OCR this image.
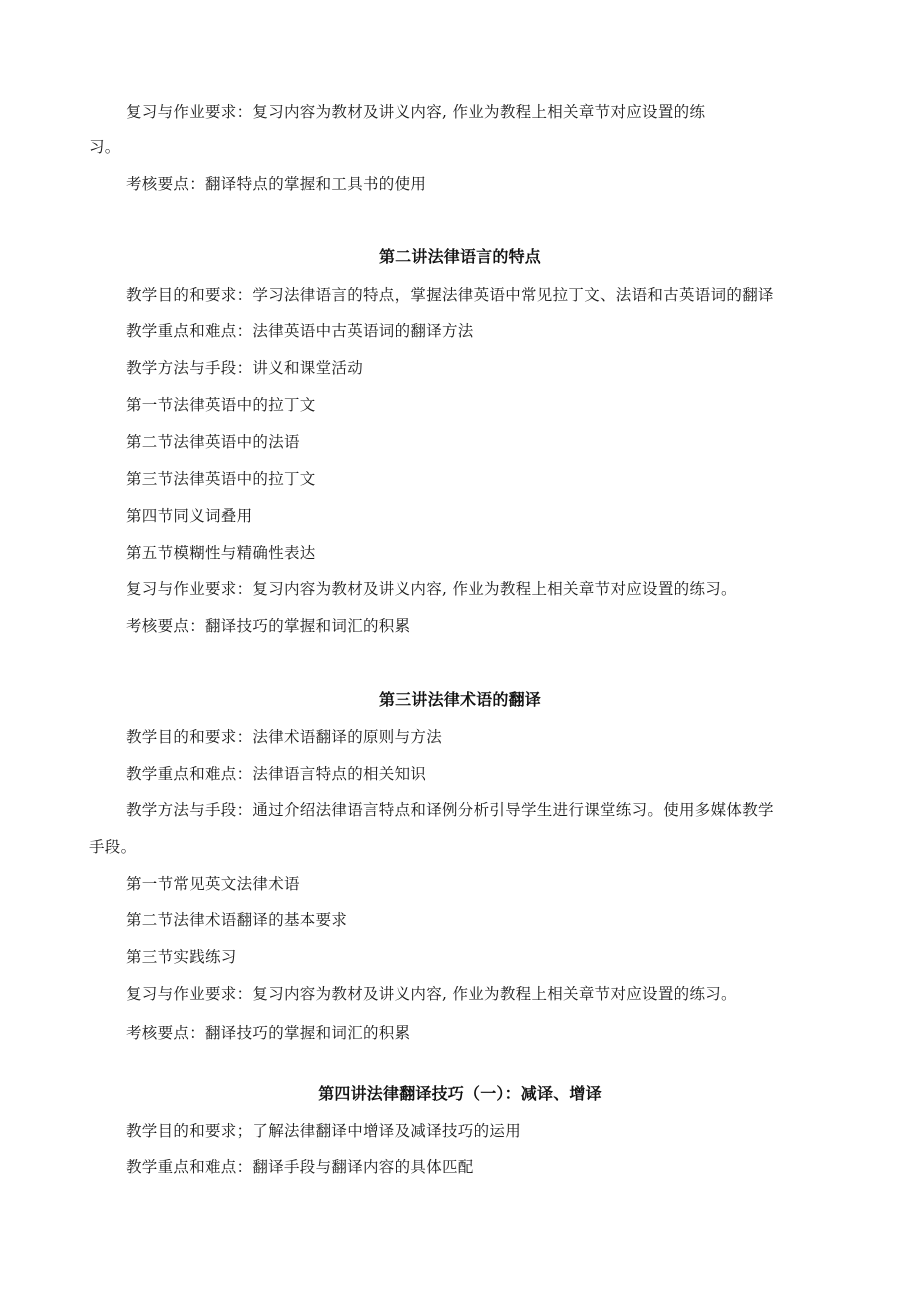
复习与作业要求：复习内容为教材及讲义内容, 作业为教程上相关章节对应设置的练
习。
考核要点：翻译特点的掌握和工具书的使用
第二讲法律语言的特点
教学目的和要求：学习法律语言的特点，掌握法律英语中常见拉丁文、法语和古英语词的翻译
教学重点和难点：法律英语中古英语词的翻译方法
教学方法与手段：讲义和课堂活动
第一节法律英语中的拉丁文
第二节法律英语中的法语
第三节法律英语中的拉丁文
第四节同义词叠用
第五节模糊性与精确性表达
复习与作业要求：复习内容为教材及讲义内容, 作业为教程上相关章节对应设置的练习。
考核要点：翻译技巧的掌握和词汇的积累
第三讲法律术语的翻译
教学目的和要求：法律术语翻译的原则与方法
教学重点和难点：法律语言特点的相关知识
教学方法与手段：通过介绍法律语言特点和译例分析引导学生进行课堂练习。使用多媒体教学
手段。
第一节常见英文法律术语
第二节法律术语翻译的基本要求
第三节实践练习
复习与作业要求：复习内容为教材及讲义内容, 作业为教程上相关章节对应设置的练习。
考核要点：翻译技巧的掌握和词汇的积累
第四讲法律翻译技巧（一）：减译、增译
教学目的和要求；了解法律翻译中增译及减译技巧的运用
教学重点和难点：翻译手段与翻译内容的具体匹配
